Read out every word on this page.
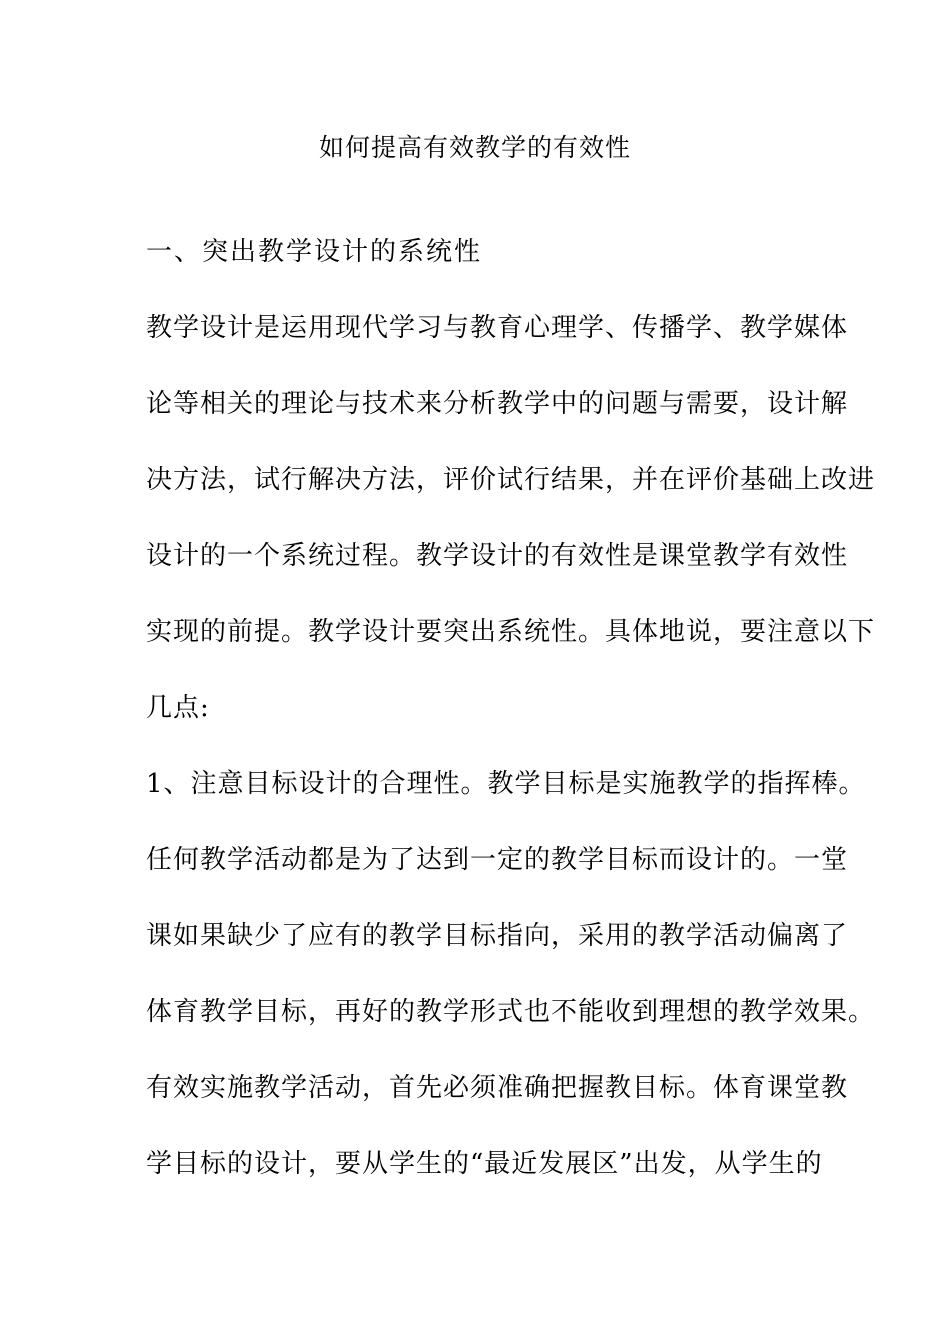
如何提高有效教学的有效性
一、突出教学设计的系统性
教学设计是运用现代学习与教育心理学、传播学、教学媒体
论等相关的理论与技术来分析教学中的问题与需要，设计解
决方法，试行解决方法，评价试行结果，并在评价基础上改进
设计的一个系统过程。教学设计的有效性是课堂教学有效性
实现的前提。教学设计要突出系统性。具体地说，要注意以下
几点:
1、注意目标设计的合理性。教学目标是实施教学的指挥棒。
任何教学活动都是为了达到一定的教学目标而设计的。一堂
课如果缺少了应有的教学目标指向，采用的教学活动偏离了
体育教学目标，再好的教学形式也不能收到理想的教学效果。
有效实施教学活动，首先必须准确把握教目标。体育课堂教
学目标的设计，要从学生的“最近发展区”出发，从学生的
